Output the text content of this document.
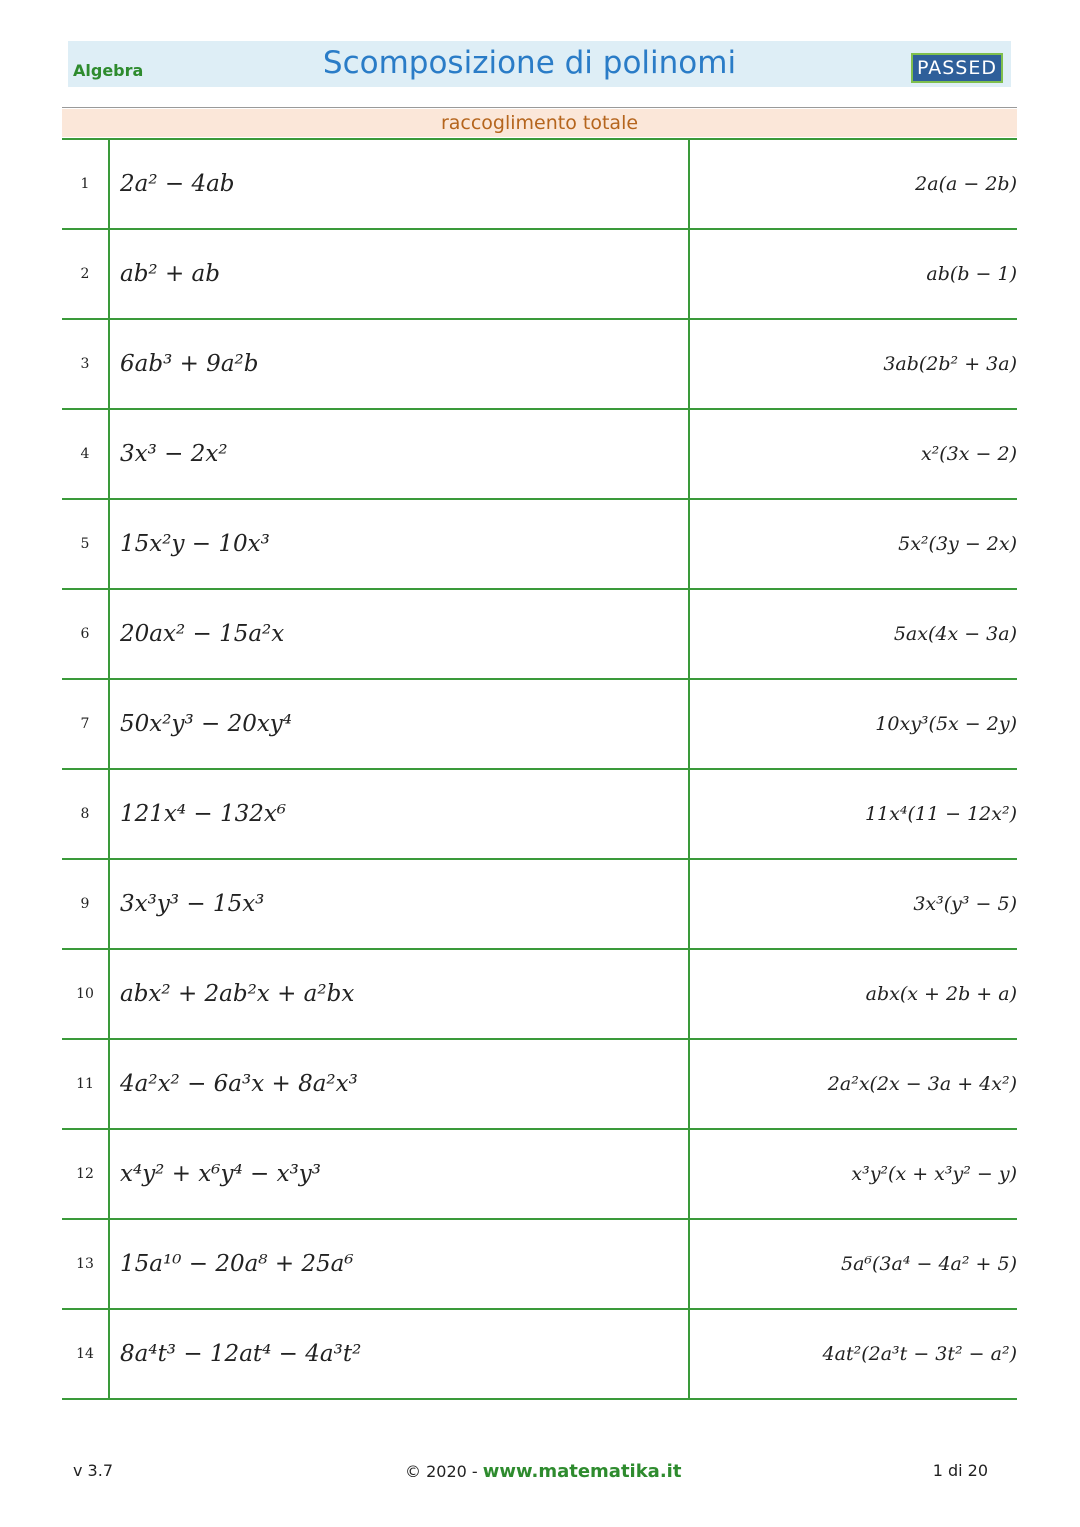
Algebra	Scomposizione di polinomi	PASSED
raccoglimento totale
1	2a² − 4ab	2a(a − 2b)
2	ab² + ab	ab(b − 1)
3	6ab³ + 9a²b	3ab(2b² + 3a)
4	3x³ − 2x²	x²(3x − 2)
5	15x²y − 10x³	5x²(3y − 2x)
6	20ax² − 15a²x	5ax(4x − 3a)
7	50x²y³ − 20xy⁴	10xy³(5x − 2y)
8	121x⁴ − 132x⁶	11x⁴(11 − 12x²)
9	3x³y³ − 15x³	3x³(y³ − 5)
10	abx² + 2ab²x + a²bx	abx(x + 2b + a)
11	4a²x² − 6a³x + 8a²x³	2a²x(2x − 3a + 4x²)
12	x⁴y² + x⁶y⁴ − x³y³	x³y²(x + x³y² − y)
13	15a¹⁰ − 20a⁸ + 25a⁶	5a⁶(3a⁴ − 4a² + 5)
14	8a⁴t³ − 12at⁴ − 4a³t²	4at²(2a³t − 3t² − a²)
v 3.7	© 2020 - www.matematika.it	1 di 20
